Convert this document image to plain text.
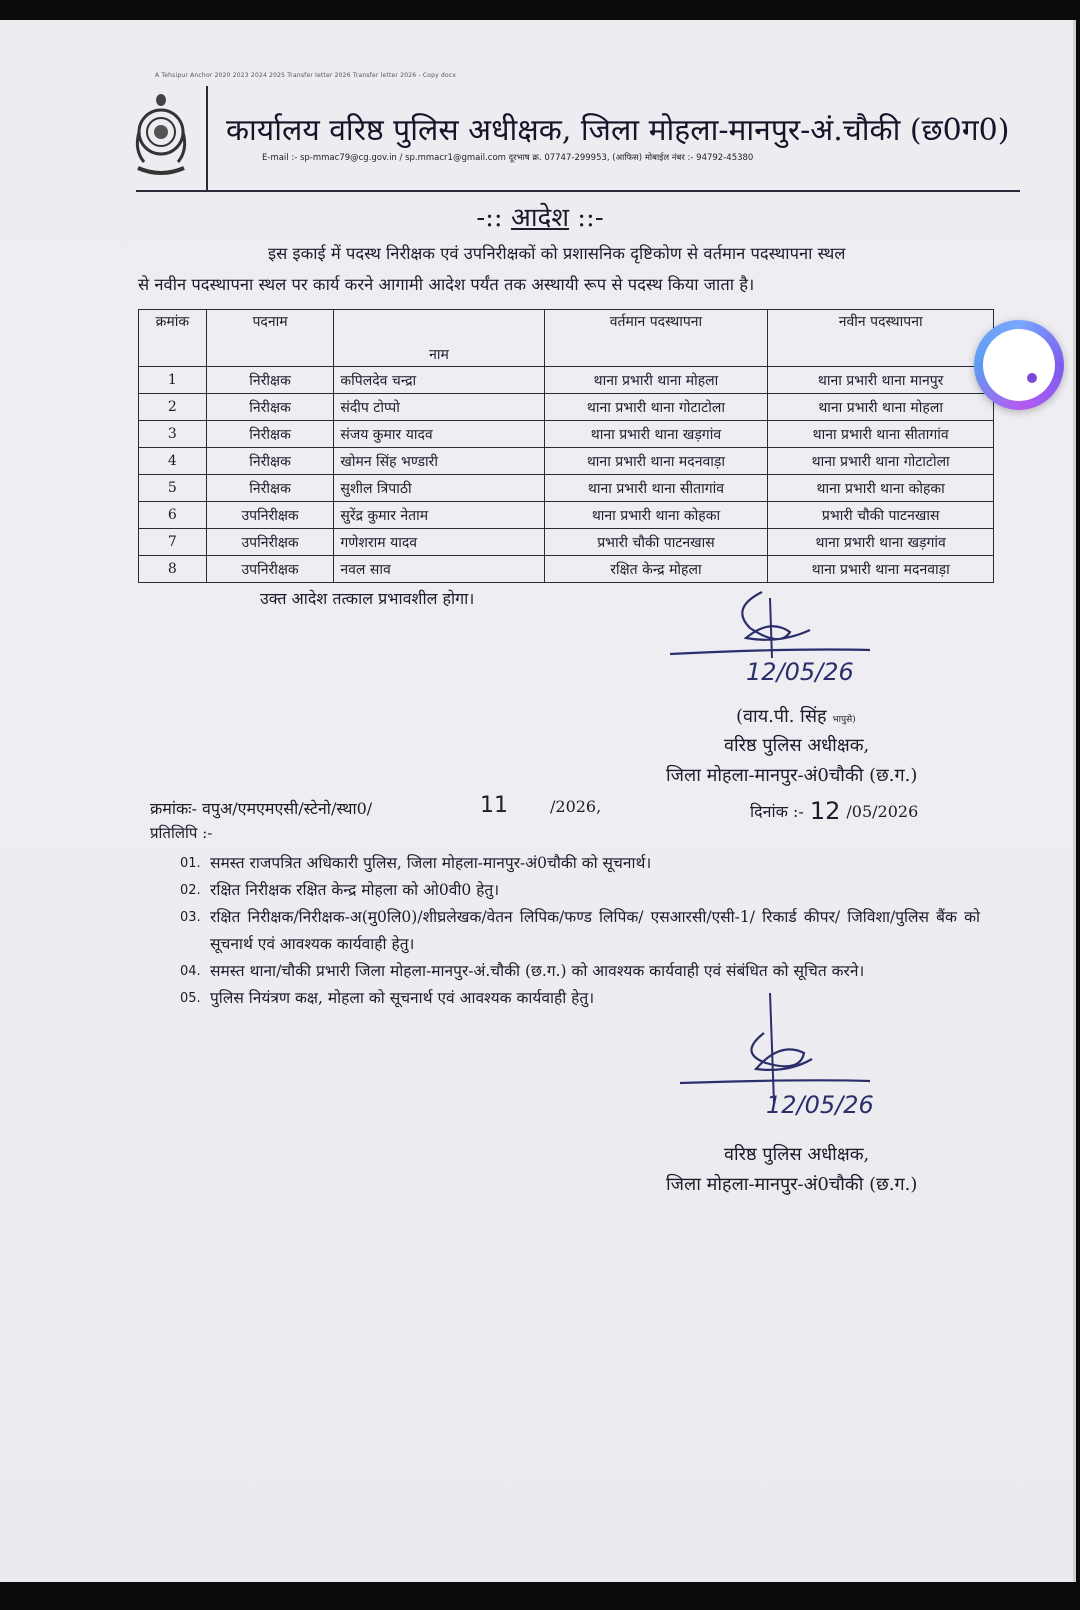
A Tehsipur Anchor 2020 2023 2024 2025 Transfer letter 2026 Transfer letter 2026 - Copy docx
कार्यालय वरिष्ठ पुलिस अधीक्षक, जिला मोहला-मानपुर-अं.चौकी (छ0ग0)
E-mail :- sp-mmac79@cg.gov.in / sp.mmacr1@gmail.com दूरभाष क्र. 07747-299953, (आफिस) मोबाईल नंबर :- 94792-45380
-:: आदेश ::-
इस इकाई में पदस्थ निरीक्षक एवं उपनिरीक्षकों को प्रशासनिक दृष्टिकोण से वर्तमान पदस्थापना स्थल
से नवीन पदस्थापना स्थल पर कार्य करने आगामी आदेश पर्यंत तक अस्थायी रूप से पदस्थ किया जाता है।
क्रमांक	पदनाम	नाम	वर्तमान पदस्थापना	नवीन पदस्थापना
1	निरीक्षक	कपिलदेव चन्द्रा	थाना प्रभारी थाना मोहला	थाना प्रभारी थाना मानपुर
2	निरीक्षक	संदीप टोप्पो	थाना प्रभारी थाना गोटाटोला	थाना प्रभारी थाना मोहला
3	निरीक्षक	संजय कुमार यादव	थाना प्रभारी थाना खड़गांव	थाना प्रभारी थाना सीतागांव
4	निरीक्षक	खोमन सिंह भण्डारी	थाना प्रभारी थाना मदनवाड़ा	थाना प्रभारी थाना गोटाटोला
5	निरीक्षक	सुशील त्रिपाठी	थाना प्रभारी थाना सीतागांव	थाना प्रभारी थाना कोहका
6	उपनिरीक्षक	सुरेंद्र कुमार नेताम	थाना प्रभारी थाना कोहका	प्रभारी चौकी पाटनखास
7	उपनिरीक्षक	गणेशराम यादव	प्रभारी चौकी पाटनखास	थाना प्रभारी थाना खड़गांव
8	उपनिरीक्षक	नवल साव	रक्षित केन्द्र मोहला	थाना प्रभारी थाना मदनवाड़ा
उक्त आदेश तत्काल प्रभावशील होगा।
12/05/26
(वाय.पी. सिंह भापुसे)
वरिष्ठ पुलिस अधीक्षक,
जिला मोहला-मानपुर-अं0चौकी (छ.ग.)
क्रमांकः- वपुअ/एमएमएसी/स्टेनो/स्था0/	11	/2026,	दिनांक :- 12 /05/2026
प्रतिलिपि :-
01. समस्त राजपत्रित अधिकारी पुलिस, जिला मोहला-मानपुर-अं0चौकी को सूचनार्थ।
02. रक्षित निरीक्षक रक्षित केन्द्र मोहला को ओ0वी0 हेतु।
03. रक्षित निरीक्षक/निरीक्षक-अ(मु0लि0)/शीघ्रलेखक/वेतन लिपिक/फण्ड लिपिक/ एसआरसी/एसी-1/ रिकार्ड कीपर/ जिविशा/पुलिस बैंक को सूचनार्थ एवं आवश्यक कार्यवाही हेतु।
04. समस्त थाना/चौकी प्रभारी जिला मोहला-मानपुर-अं.चौकी (छ.ग.) को आवश्यक कार्यवाही एवं संबंधित को सूचित करने।
05. पुलिस नियंत्रण कक्ष, मोहला को सूचनार्थ एवं आवश्यक कार्यवाही हेतु।
12/05/26
वरिष्ठ पुलिस अधीक्षक,
जिला मोहला-मानपुर-अं0चौकी (छ.ग.)
